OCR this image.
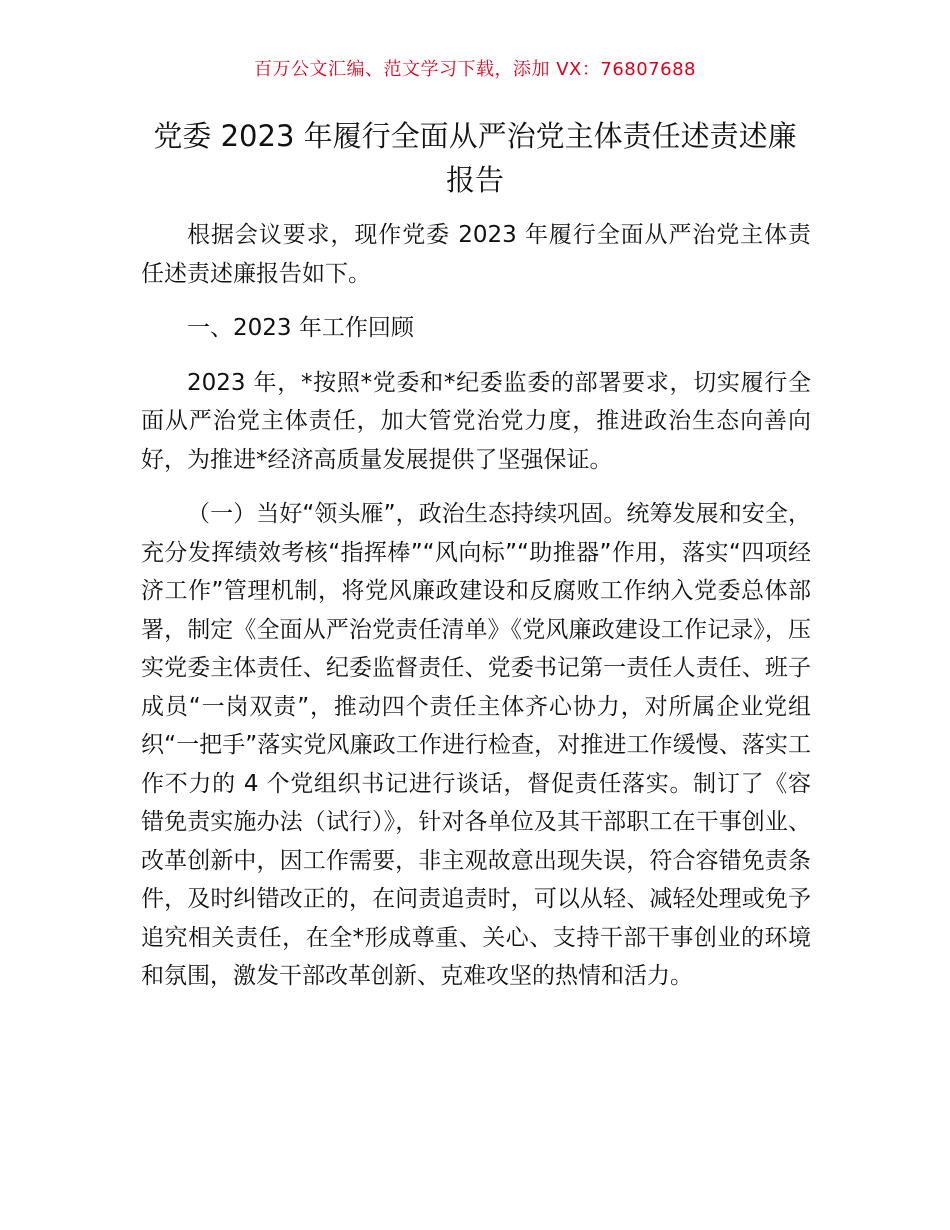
百万公文汇编、范文学习下载，添加 VX：76807688
党委 2023 年履行全面从严治党主体责任述责述廉报告

根据会议要求，现作党委 2023 年履行全面从严治党主体责任述责述廉报告如下。

一、2023 年工作回顾

2023 年，*按照*党委和*纪委监委的部署要求，切实履行全面从严治党主体责任，加大管党治党力度，推进政治生态向善向好，为推进*经济高质量发展提供了坚强保证。

（一）当好“领头雁”，政治生态持续巩固。统筹发展和安全，充分发挥绩效考核“指挥棒”“风向标”“助推器”作用，落实“四项经济工作”管理机制，将党风廉政建设和反腐败工作纳入党委总体部署，制定《全面从严治党责任清单》《党风廉政建设工作记录》，压实党委主体责任、纪委监督责任、党委书记第一责任人责任、班子成员“一岗双责”，推动四个责任主体齐心协力，对所属企业党组织“一把手”落实党风廉政工作进行检查，对推进工作缓慢、落实工作不力的 4 个党组织书记进行谈话，督促责任落实。制订了《容错免责实施办法（试行）》，针对各单位及其干部职工在干事创业、改革创新中，因工作需要，非主观故意出现失误，符合容错免责条件，及时纠错改正的，在问责追责时，可以从轻、减轻处理或免予追究相关责任，在全*形成尊重、关心、支持干部干事创业的环境和氛围，激发干部改革创新、克难攻坚的热情和活力。
